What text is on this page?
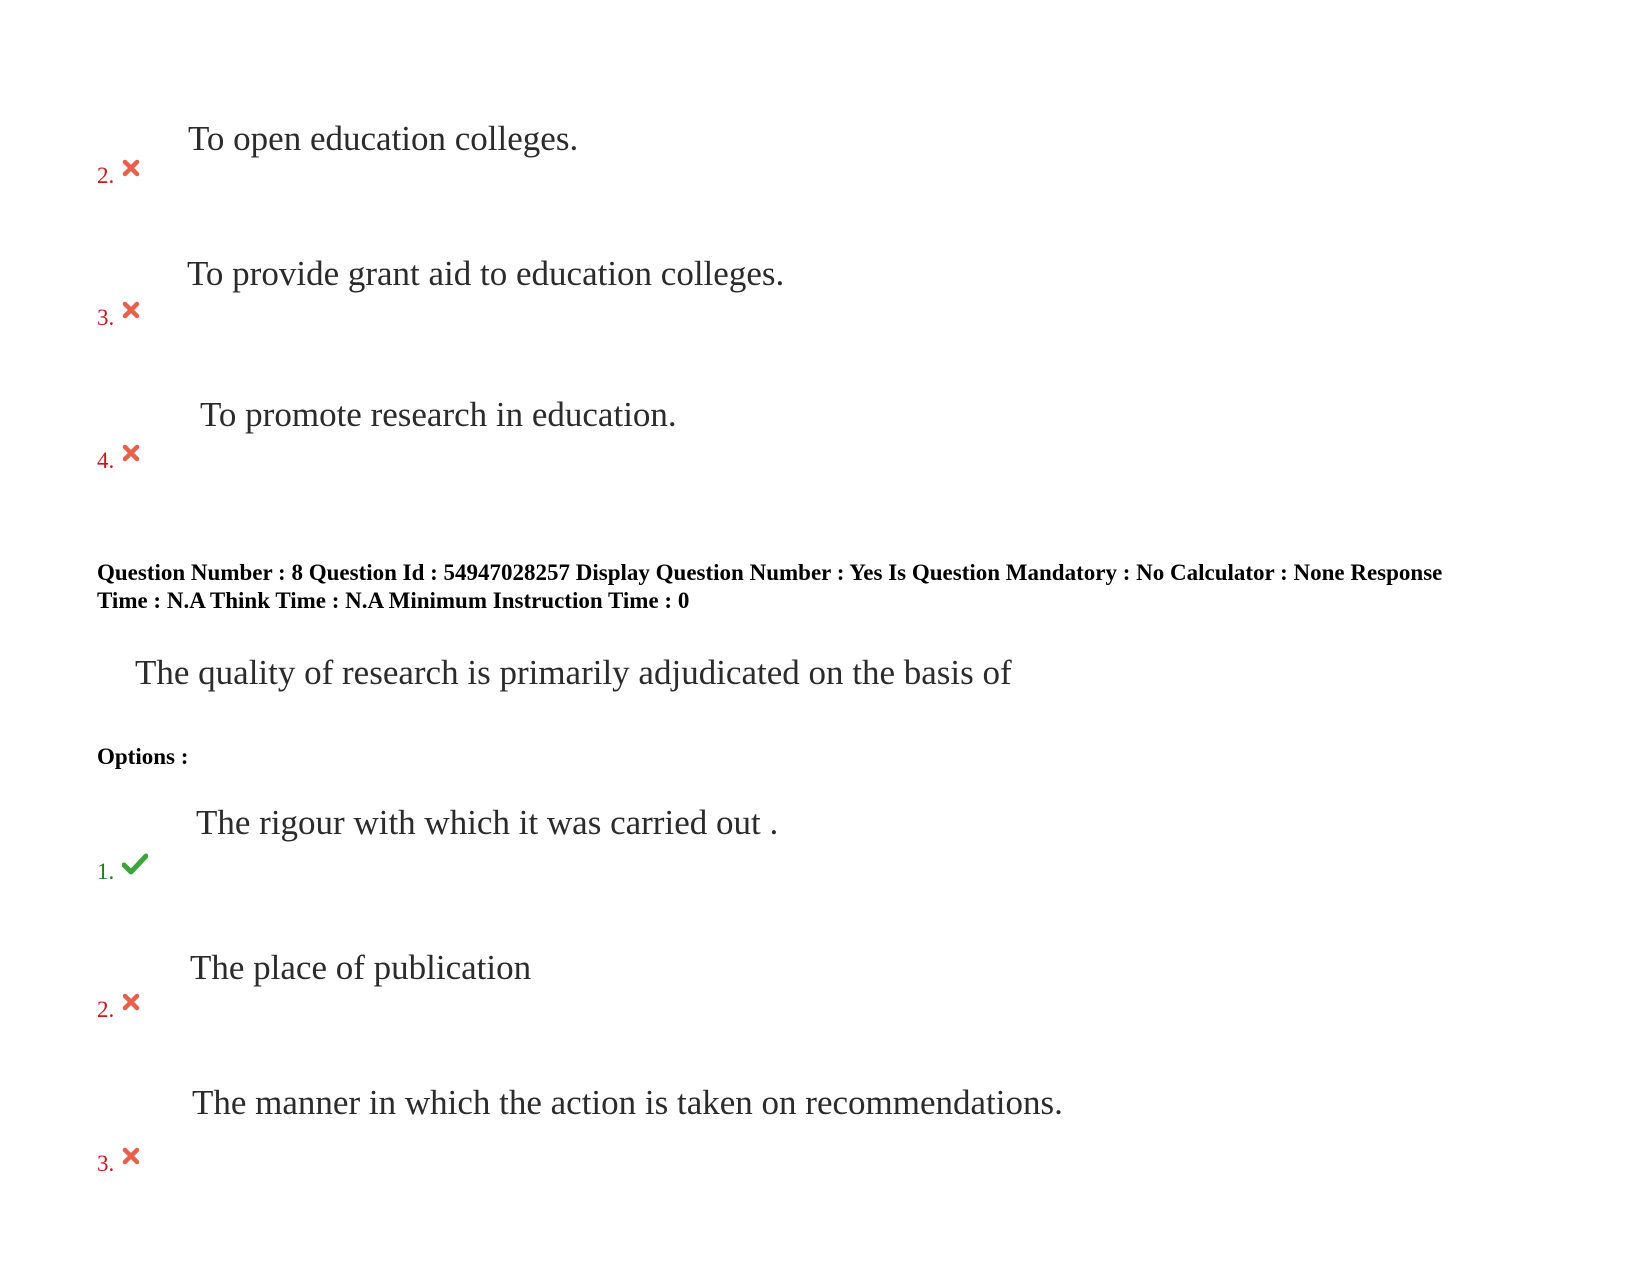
To open education colleges.
2.
To provide grant aid to education colleges.
3.
To promote research in education.
4.
Question Number : 8 Question Id : 54947028257 Display Question Number : Yes Is Question Mandatory : No Calculator : None Response
Time : N.A Think Time : N.A Minimum Instruction Time : 0
The quality of research is primarily adjudicated on the basis of
Options :
The rigour with which it was carried out .
1.
The place of publication
2.
The manner in which the action is taken on recommendations.
3.
